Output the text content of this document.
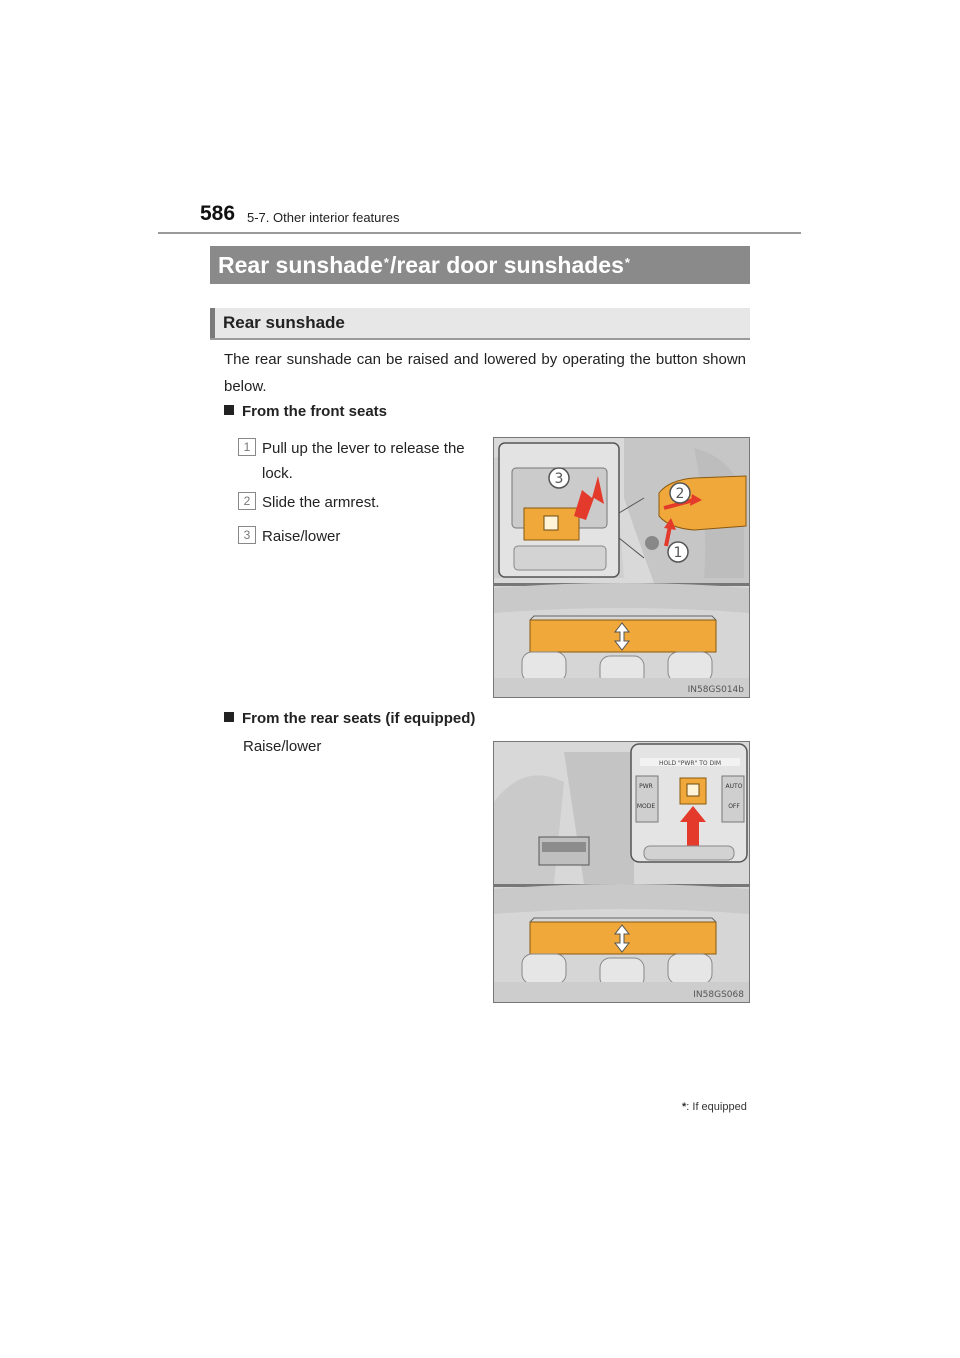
586 5-7. Other interior features
Rear sunshade* /rear door sunshades*
Rear sunshade
The rear sunshade can be raised and lowered by operating the button shown below.
From the front seats
1 Pull up the lever to release the lock.
2 Slide the armrest.
3 Raise/lower
3
2
1
IN58GS014b
From the rear seats (if equipped)
Raise/lower
HOLD "PWR" TO DIM
PWR
MODE
AUTO
OFF
IN58GS068
*: If equipped
